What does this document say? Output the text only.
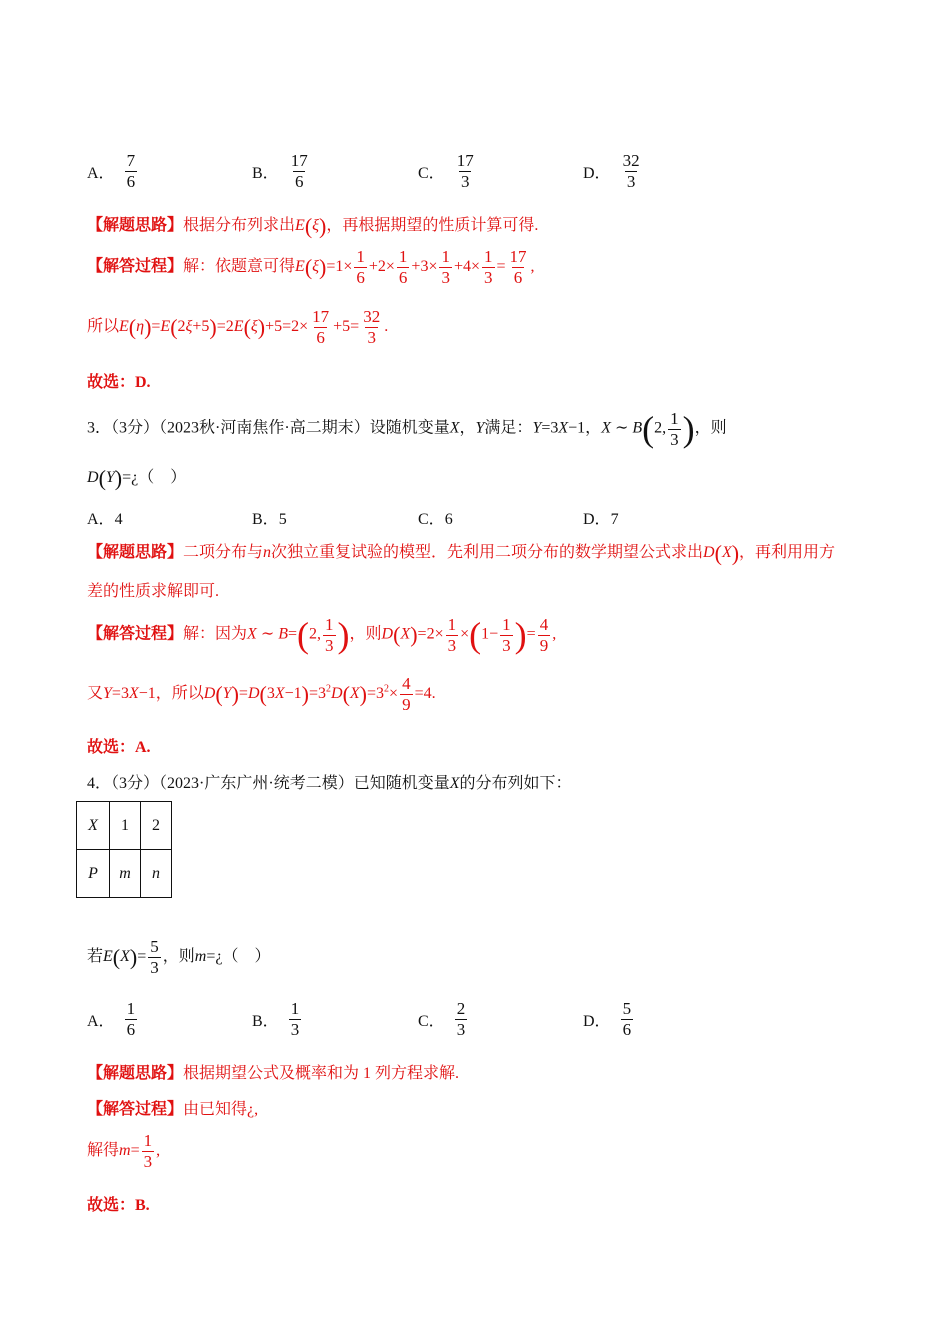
A． $\frac{7}{6}$	B． $\frac{17}{6}$	C． $\frac{17}{3}$	D． $\frac{32}{3}$
【解题思路】根据分布列求出E(ξ)，再根据期望的性质计算可得.
【解答过程】解：依题意可得$E(\xi)=1\times \frac{1}{6} +2\times \frac{1}{6} +3\times \frac{1}{3} +4\times \frac{1}{3} = \frac{17}{6}$ ,
所以$E(\eta)=E(2\xi+5)=2E(\xi)+5=2\times \frac{17}{6} +5= \frac{32}{3}$ .
故选：D.
3．（3分）（2023秋·河南焦作·高二期末）设随机变量X，Y满足：Y=3X−1，X ∼ B(2, $\frac{1}{3}$ )，则
D(Y)=¿（　）
A．4	B．5	C．6	D．7
【解题思路】二项分布与n次独立重复试验的模型．先利用二项分布的数学期望公式求出D(X)，再利用用方
差的性质求解即可.
【解答过程】解：因为X ∼ B=(2, $\frac{1}{3}$ )，则$D(X)=2\times \frac{1}{3} \times(1- \frac{1}{3}$ )= $\frac{4}{9}$ ,
又Y=3X−1，所以$D(Y)=D(3X-1)=3^2D(X)=3^2\times \frac{4}{9} =4$.
故选：A.
4．（3分）（2023·广东广州·统考二模）已知随机变量X的分布列如下：
X	1	2
P	m	n
若$E(X)= \frac{5}{3}$ ，则m=¿（　）
A． $\frac{1}{6}$	B． $\frac{1}{3}$	C． $\frac{2}{3}$	D． $\frac{5}{6}$
【解题思路】根据期望公式及概率和为 1 列方程求解.
【解答过程】由已知得¿,
解得$m= \frac{1}{3}$ ,
故选：B.
